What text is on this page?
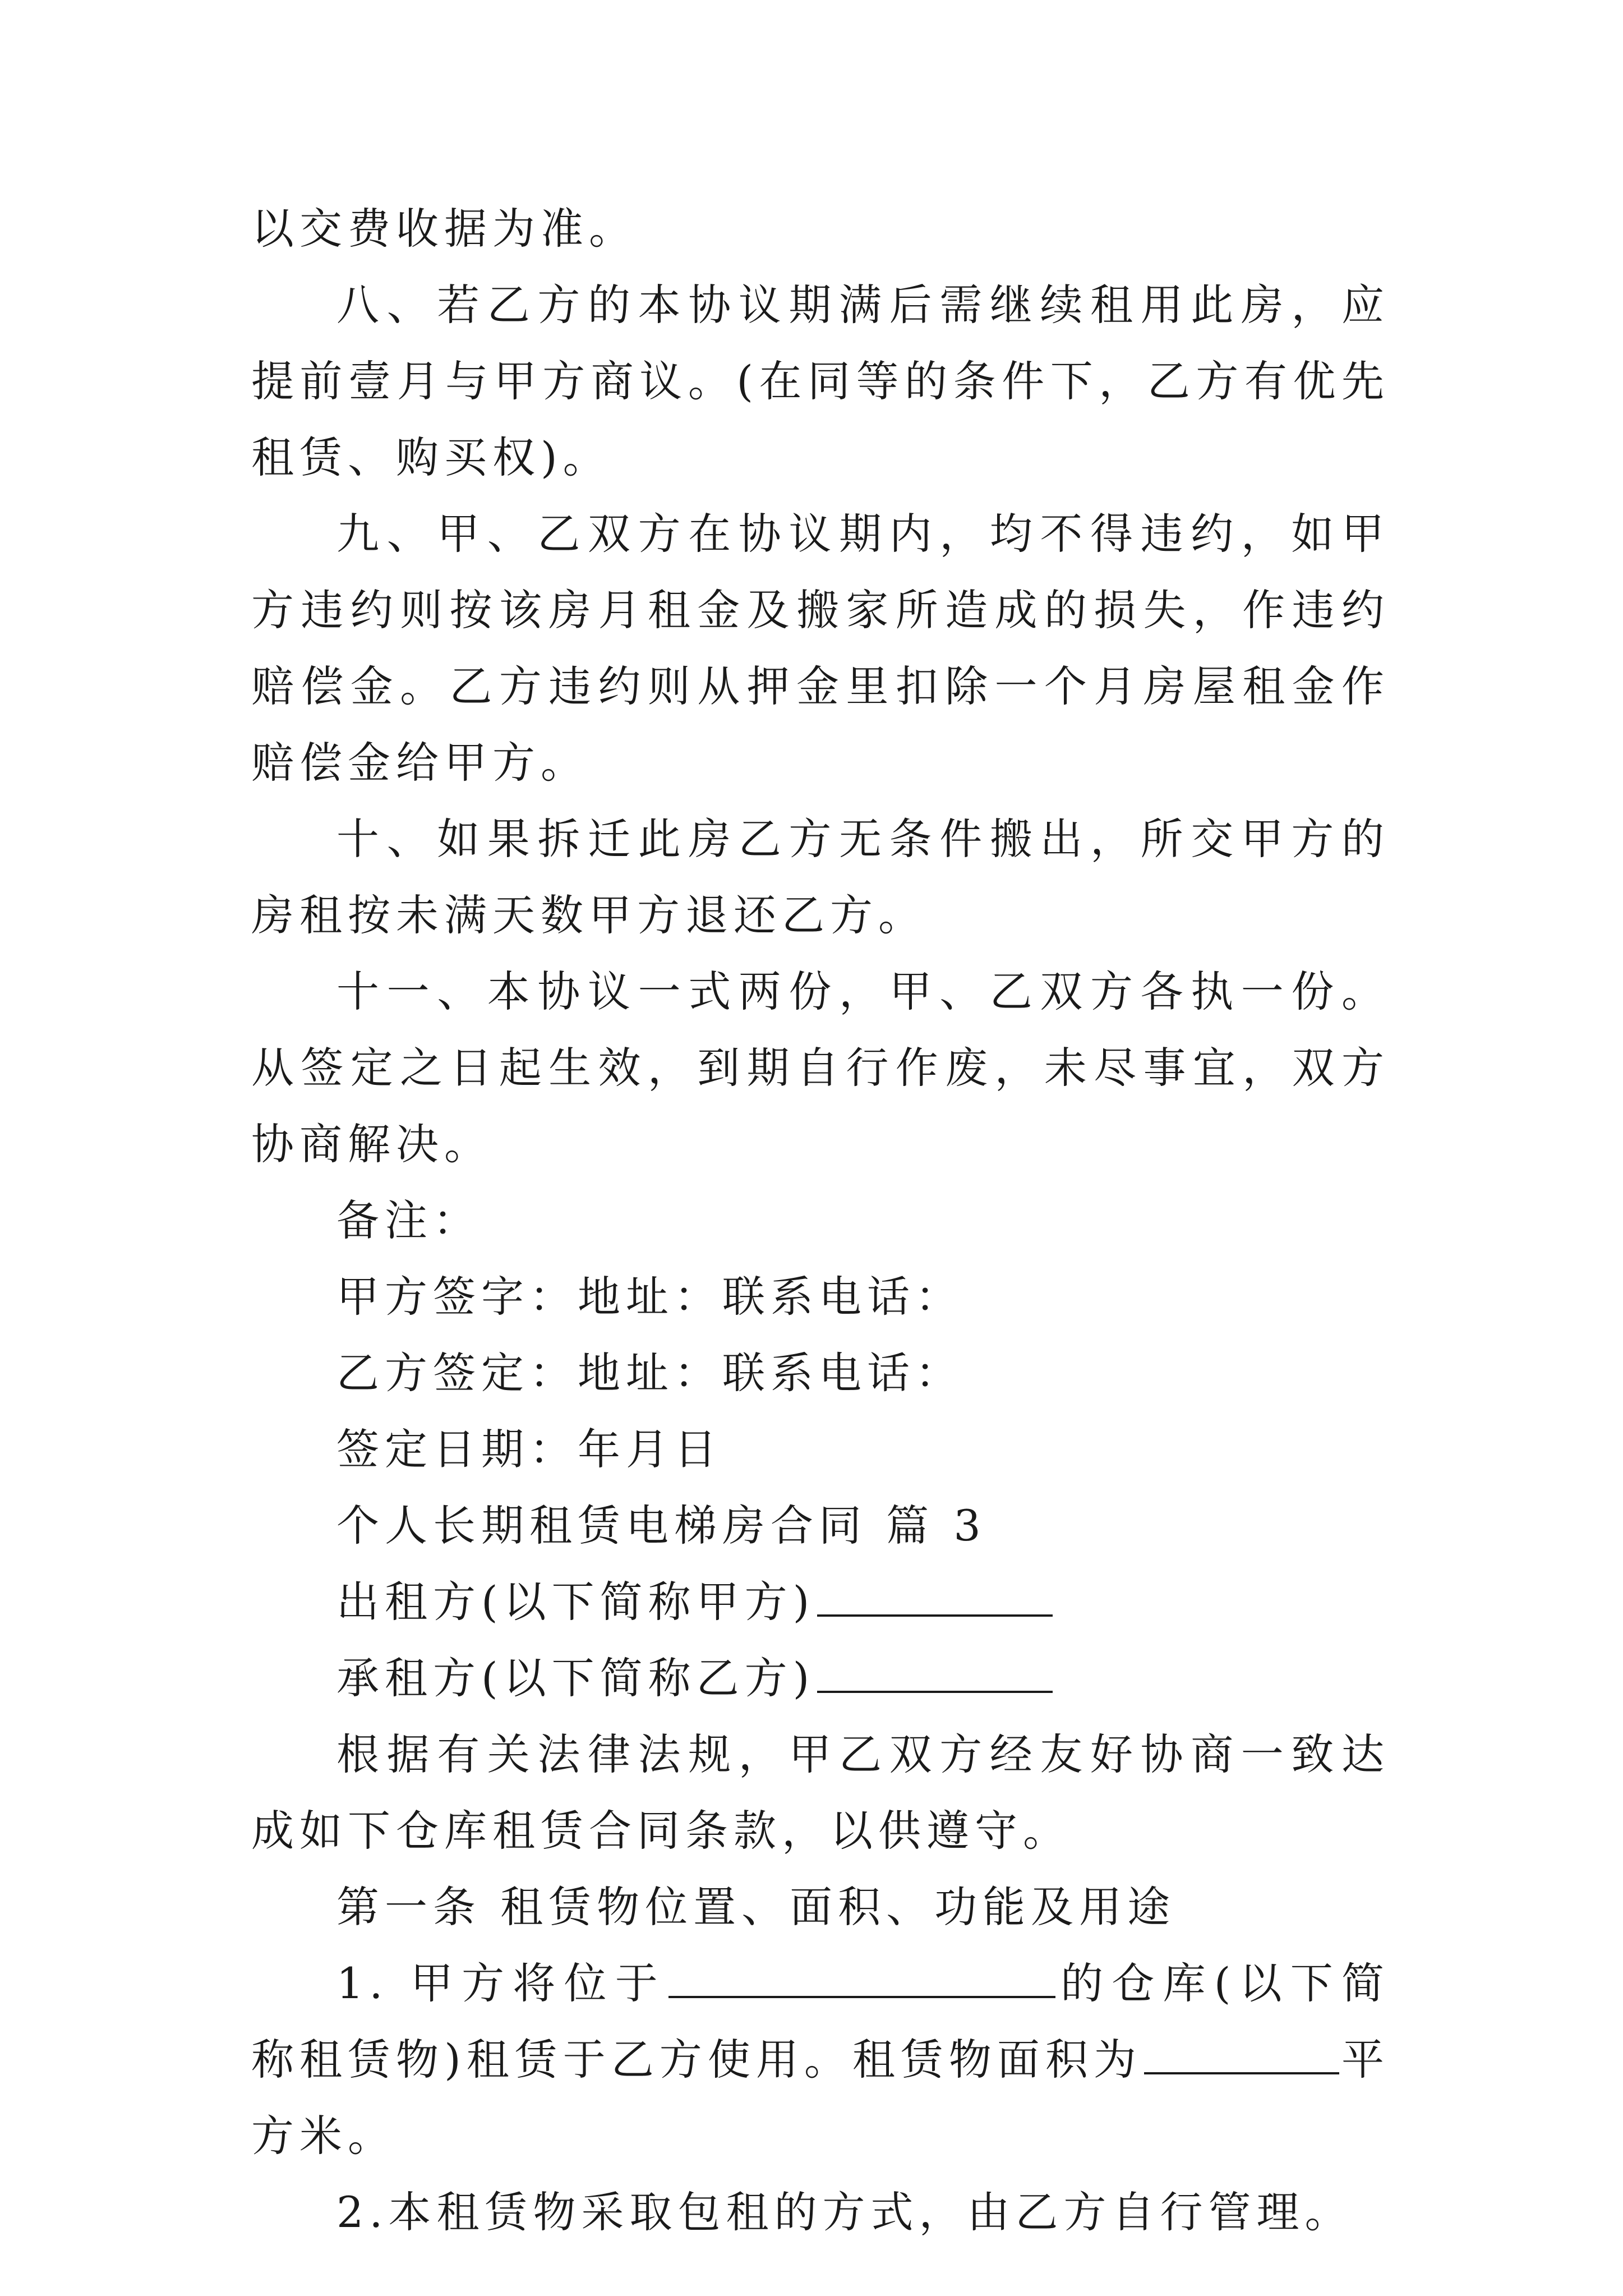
以交费收据为准。

八、若乙方的本协议期满后需继续租用此房，应提前壹月与甲方商议。(在同等的条件下，乙方有优先租赁、购买权)。

九、甲、乙双方在协议期内，均不得违约，如甲方违约则按该房月租金及搬家所造成的损失，作违约赔偿金。乙方违约则从押金里扣除一个月房屋租金作赔偿金给甲方。

十、如果拆迁此房乙方无条件搬出，所交甲方的房租按未满天数甲方退还乙方。

十一、本协议一式两份，甲、乙双方各执一份。从签定之日起生效，到期自行作废，未尽事宜，双方协商解决。

备注：

甲方签字：地址：联系电话：

乙方签定：地址：联系电话：

签定日期：年月日

个人长期租赁电梯房合同 篇 3

出租方(以下简称甲方)

承租方(以下简称乙方)

根据有关法律法规，甲乙双方经友好协商一致达成如下仓库租赁合同条款，以供遵守。

第一条 租赁物位置、面积、功能及用途

1. 甲方将位于	的仓库(以下简称租赁物)租赁于乙方使用。租赁物面积为	平方米。

2.本租赁物采取包租的方式，由乙方自行管理。
